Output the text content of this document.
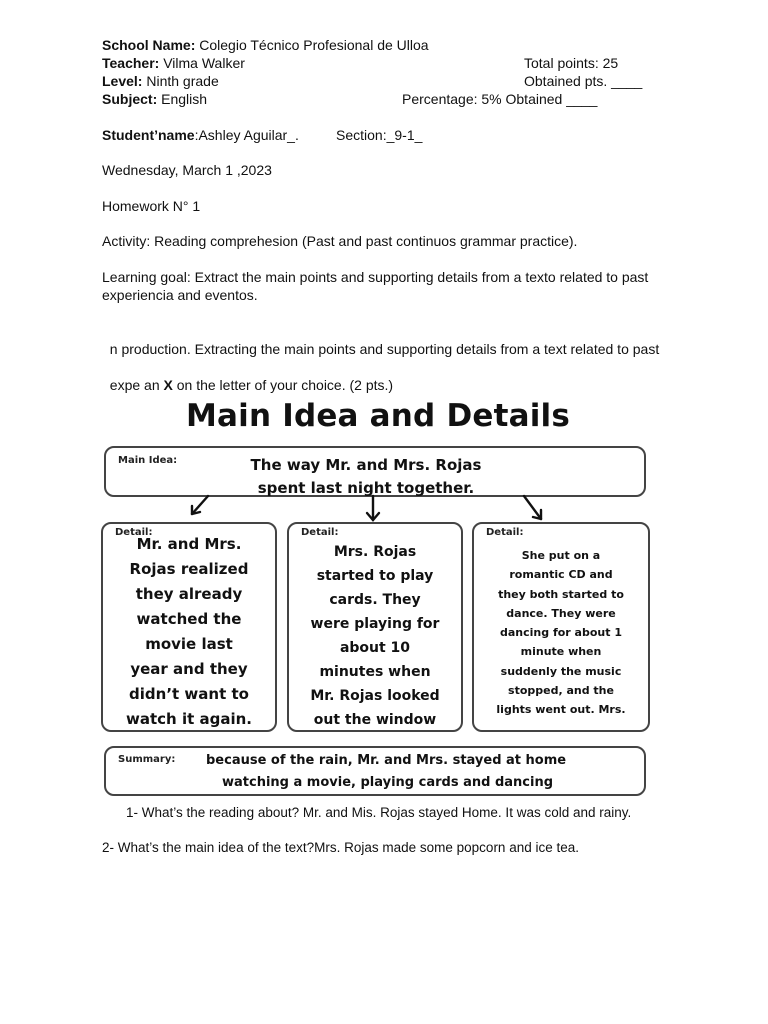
School Name: Colegio Técnico Profesional de Ulloa
Teacher: Vilma Walker
Level: Ninth grade
Subject: English
Total points: 25
Obtained pts. ____
Percentage: 5% Obtained ____
Student’name:Ashley Aguilar_.	Section:_9-1_
Wednesday, March 1 ,2023
Homework N° 1
Activity: Reading comprehesion (Past and past continuos grammar practice).
Learning goal: Extract the main points and supporting details from a texto related to past experiencia and eventos.
n production. Extracting the main points and supporting details from a text related to past

expe an X on the letter of your choice. (2 pts.)

Main Idea and Details
Main Idea:	The way Mr. and Mrs. Rojas
spent last night together.
Detail:
Mr. and Mrs.
Rojas realized
they already
watched the
movie last
year and they
didn’t want to
watch it again.
Detail:
Mrs. Rojas
started to play
cards. They
were playing for
about 10
minutes when
Mr. Rojas looked
out the window
Detail:
She put on a
romantic CD and
they both started to
dance. They were
dancing for about 1
minute when
suddenly the music
stopped, and the
lights went out. Mrs.
Summary: because of the rain, Mr. and Mrs. stayed at home
watching a movie, playing cards and dancing
1- What’s the reading about? Mr. and Mis. Rojas stayed Home. It was cold and rainy.
2- What’s the main idea of the text?Mrs. Rojas made some popcorn and ice tea.
